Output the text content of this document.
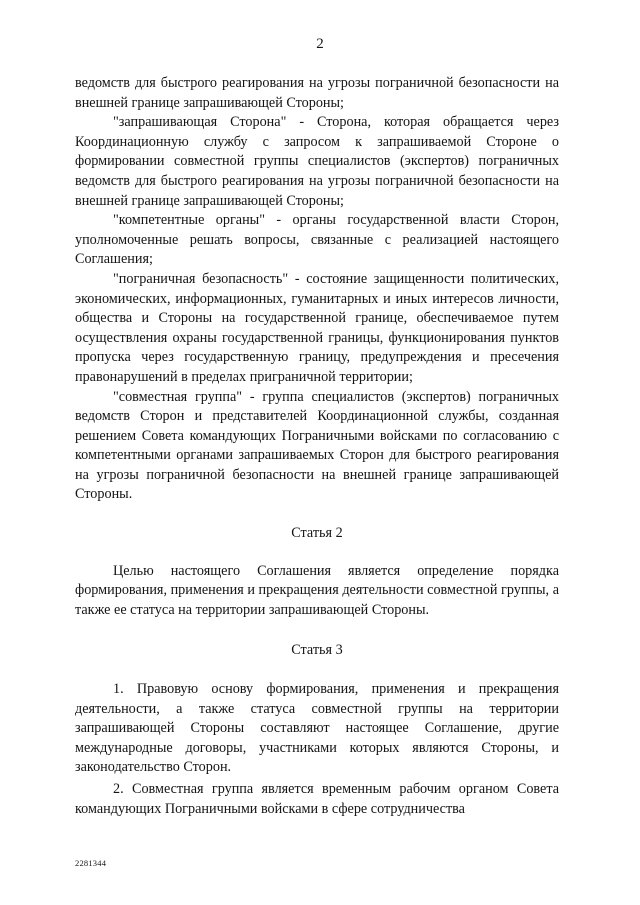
2

ведомств для быстрого реагирования на угрозы пограничной безопасности на внешней границе запрашивающей Стороны;

"запрашивающая Сторона" - Сторона, которая обращается через Координационную службу с запросом к запрашиваемой Стороне о формировании совместной группы специалистов (экспертов) пограничных ведомств для быстрого реагирования на угрозы пограничной безопасности на внешней границе запрашивающей Стороны;

"компетентные органы" - органы государственной власти Сторон, уполномоченные решать вопросы, связанные с реализацией настоящего Соглашения;

"пограничная безопасность" - состояние защищенности политических, экономических, информационных, гуманитарных и иных интересов личности, общества и Стороны на государственной границе, обеспечиваемое путем осуществления охраны государственной границы, функционирования пунктов пропуска через государственную границу, предупреждения и пресечения правонарушений в пределах приграничной территории;

"совместная группа" - группа специалистов (экспертов) пограничных ведомств Сторон и представителей Координационной службы, созданная решением Совета командующих Пограничными войсками по согласованию с компетентными органами запрашиваемых Сторон для быстрого реагирования на угрозы пограничной безопасности на внешней границе запрашивающей Стороны.

Статья 2

Целью настоящего Соглашения является определение порядка формирования, применения и прекращения деятельности совместной группы, а также ее статуса на территории запрашивающей Стороны.

Статья 3

1. Правовую основу формирования, применения и прекращения деятельности, а также статуса совместной группы на территории запрашивающей Стороны составляют настоящее Соглашение, другие международные договоры, участниками которых являются Стороны, и законодательство Сторон.

2. Совместная группа является временным рабочим органом Совета командующих Пограничными войсками в сфере сотрудничества

2281344
